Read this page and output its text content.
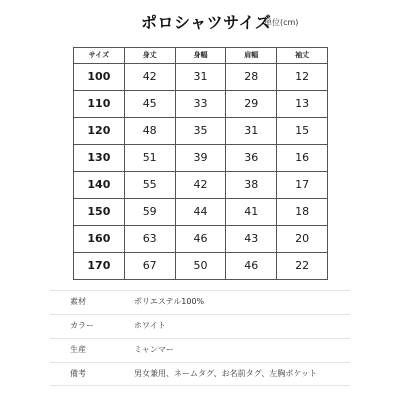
ポロシャツサイズ
単位(cm)
サイズ	身丈	身幅	肩幅	袖丈
100	42	31	28	12
110	45	33	29	13
120	48	35	31	15
130	51	39	36	16
140	55	42	38	17
150	59	44	41	18
160	63	46	43	20
170	67	50	46	22
素材	ポリエステル100%
カラー	ホワイト
生産	ミャンマー
備考	男女兼用、ネームタグ、お名前タグ、左胸ポケット
